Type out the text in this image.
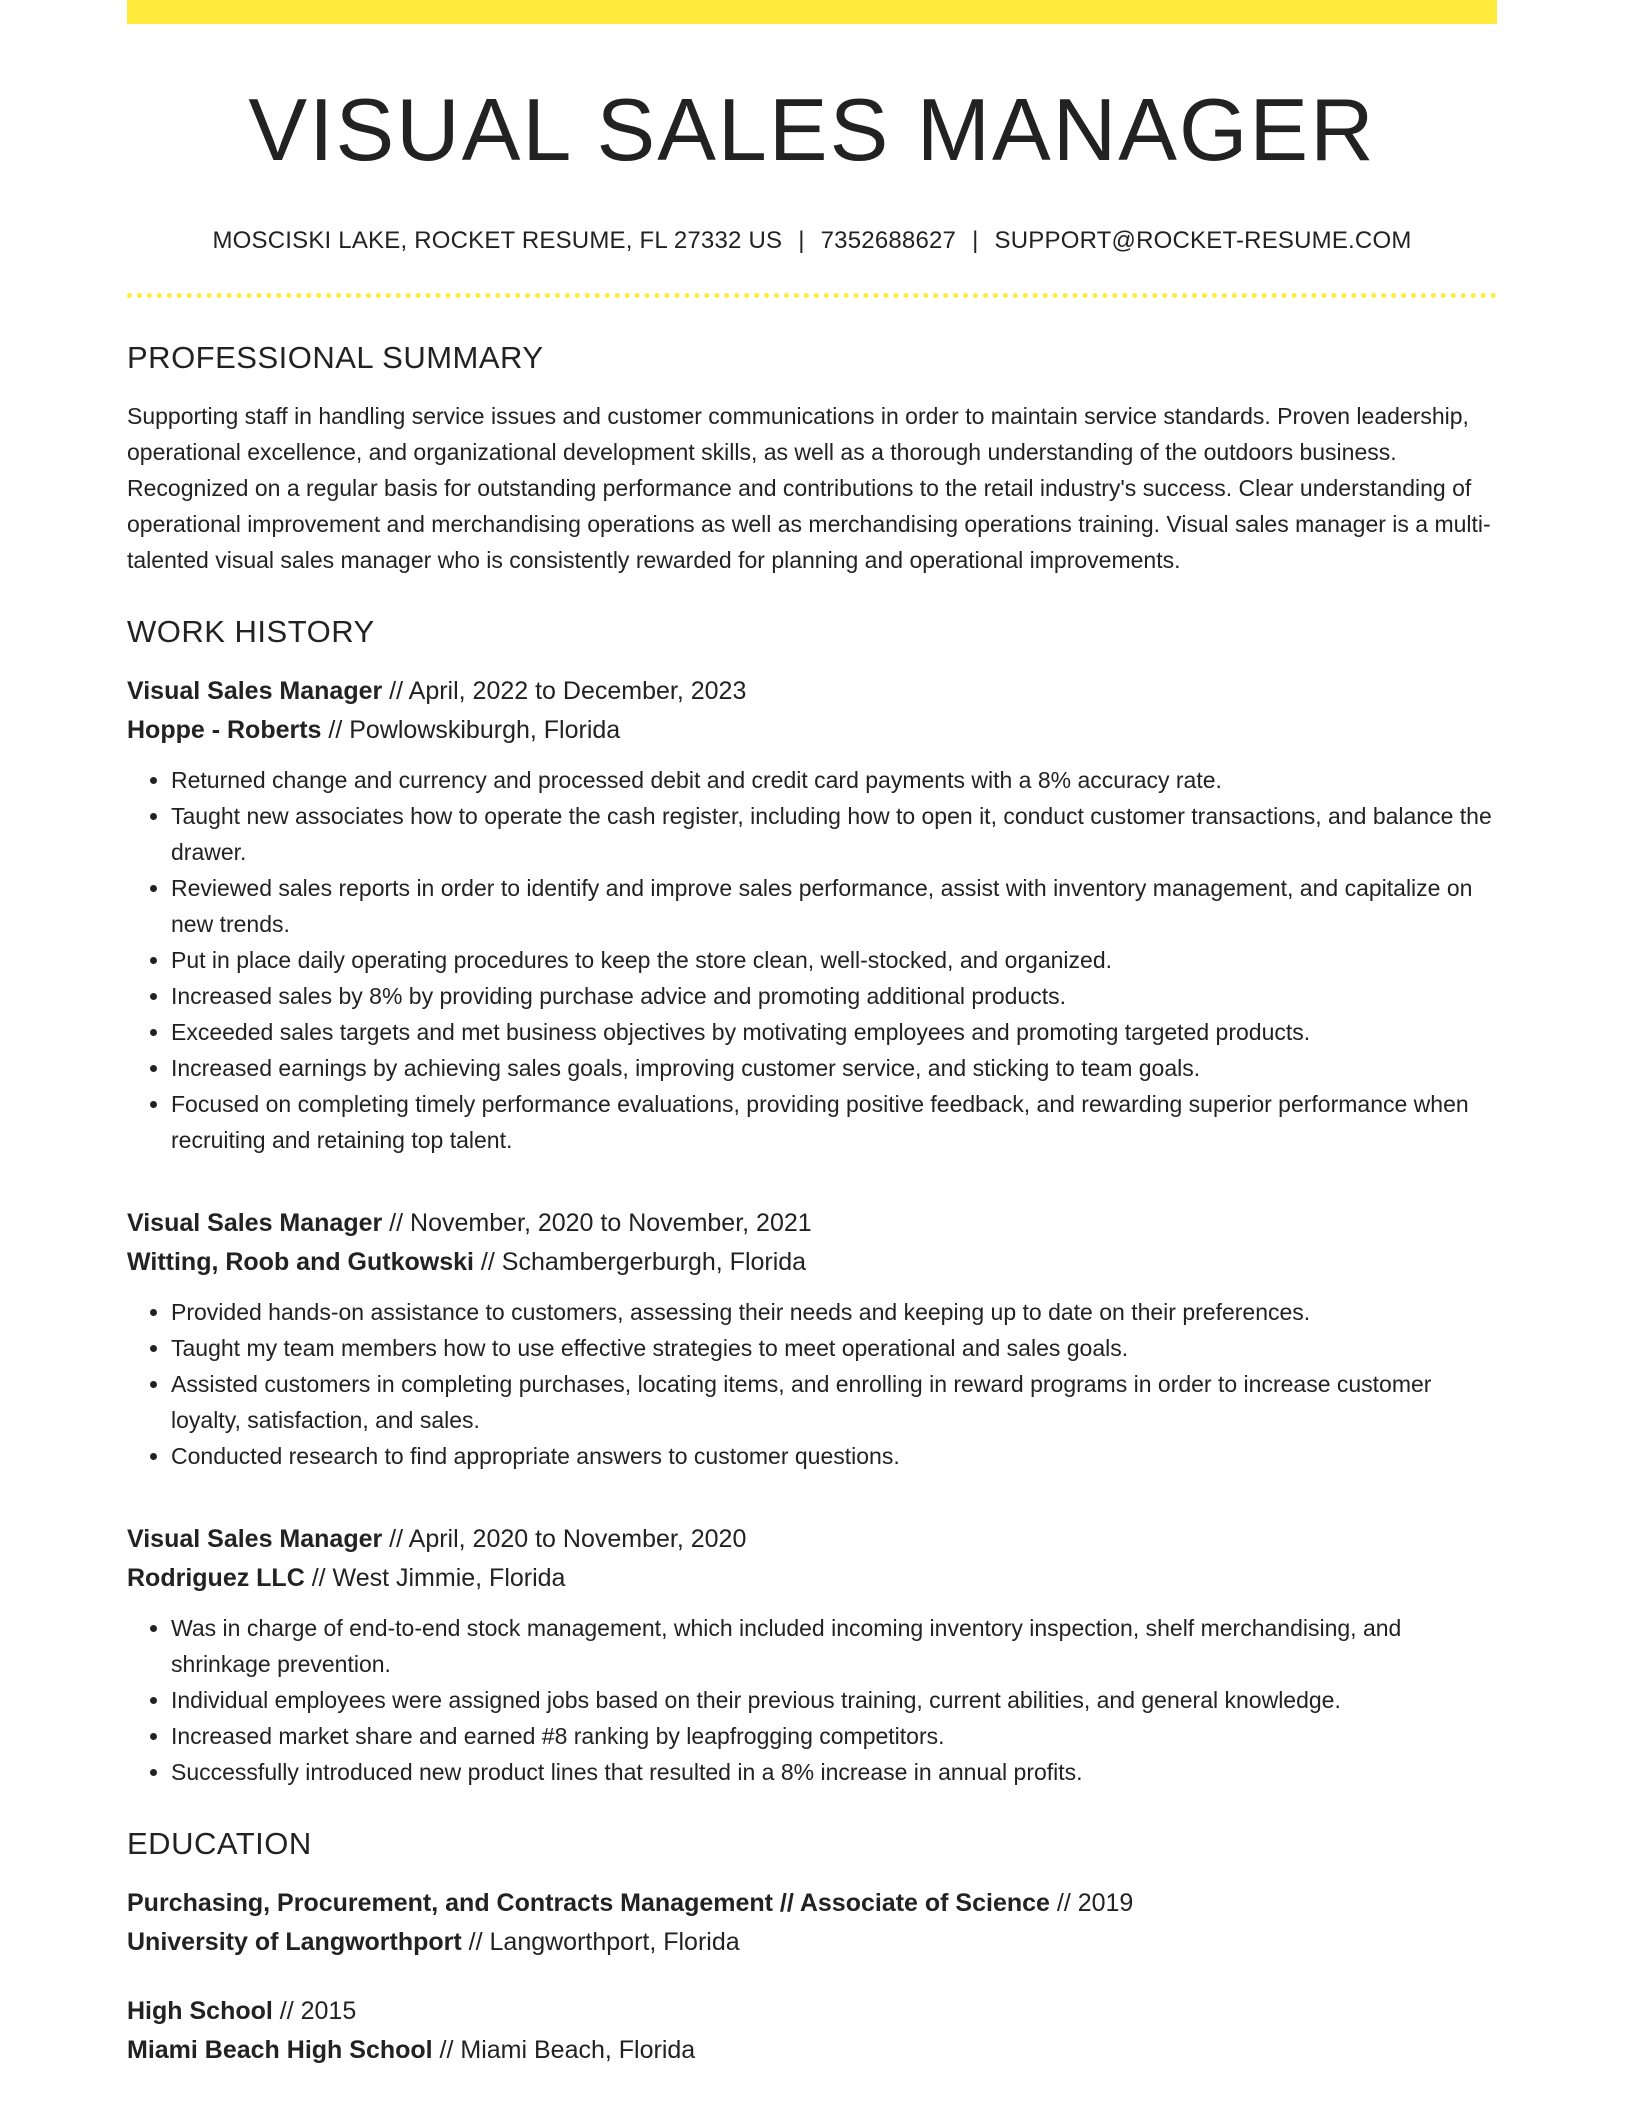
VISUAL SALES MANAGER
MOSCISKI LAKE, ROCKET RESUME, FL 27332 US | 7352688627 | SUPPORT@ROCKET-RESUME.COM
PROFESSIONAL SUMMARY
Supporting staff in handling service issues and customer communications in order to maintain service standards. Proven leadership, operational excellence, and organizational development skills, as well as a thorough understanding of the outdoors business. Recognized on a regular basis for outstanding performance and contributions to the retail industry's success. Clear understanding of operational improvement and merchandising operations as well as merchandising operations training. Visual sales manager is a multi-talented visual sales manager who is consistently rewarded for planning and operational improvements.
WORK HISTORY
Visual Sales Manager // April, 2022 to December, 2023
Hoppe - Roberts // Powlowskiburgh, Florida
• Returned change and currency and processed debit and credit card payments with a 8% accuracy rate.
• Taught new associates how to operate the cash register, including how to open it, conduct customer transactions, and balance the drawer.
• Reviewed sales reports in order to identify and improve sales performance, assist with inventory management, and capitalize on new trends.
• Put in place daily operating procedures to keep the store clean, well-stocked, and organized.
• Increased sales by 8% by providing purchase advice and promoting additional products.
• Exceeded sales targets and met business objectives by motivating employees and promoting targeted products.
• Increased earnings by achieving sales goals, improving customer service, and sticking to team goals.
• Focused on completing timely performance evaluations, providing positive feedback, and rewarding superior performance when recruiting and retaining top talent.
Visual Sales Manager // November, 2020 to November, 2021
Witting, Roob and Gutkowski // Schambergerburgh, Florida
• Provided hands-on assistance to customers, assessing their needs and keeping up to date on their preferences.
• Taught my team members how to use effective strategies to meet operational and sales goals.
• Assisted customers in completing purchases, locating items, and enrolling in reward programs in order to increase customer loyalty, satisfaction, and sales.
• Conducted research to find appropriate answers to customer questions.
Visual Sales Manager // April, 2020 to November, 2020
Rodriguez LLC // West Jimmie, Florida
• Was in charge of end-to-end stock management, which included incoming inventory inspection, shelf merchandising, and shrinkage prevention.
• Individual employees were assigned jobs based on their previous training, current abilities, and general knowledge.
• Increased market share and earned #8 ranking by leapfrogging competitors.
• Successfully introduced new product lines that resulted in a 8% increase in annual profits.
EDUCATION
Purchasing, Procurement, and Contracts Management // Associate of Science // 2019
University of Langworthport // Langworthport, Florida
High School // 2015
Miami Beach High School // Miami Beach, Florida
